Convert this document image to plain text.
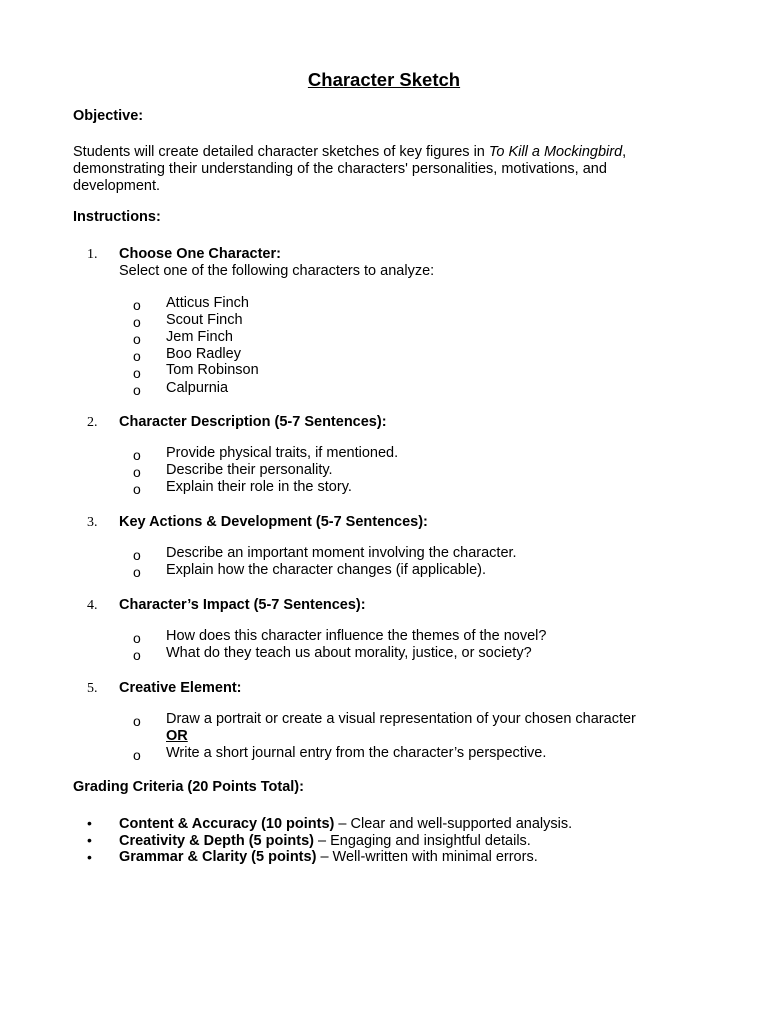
Character Sketch
Objective:
Students will create detailed character sketches of key figures in To Kill a Mockingbird,
demonstrating their understanding of the characters' personalities, motivations, and
development.
Instructions:
1. Choose One Character:
Select one of the following characters to analyze:
o Atticus Finch
o Scout Finch
o Jem Finch
o Boo Radley
o Tom Robinson
o Calpurnia
2. Character Description (5-7 Sentences):
o Provide physical traits, if mentioned.
o Describe their personality.
o Explain their role in the story.
3. Key Actions & Development (5-7 Sentences):
o Describe an important moment involving the character.
o Explain how the character changes (if applicable).
4. Character’s Impact (5-7 Sentences):
o How does this character influence the themes of the novel?
o What do they teach us about morality, justice, or society?
5. Creative Element:
o Draw a portrait or create a visual representation of your chosen character
OR
o Write a short journal entry from the character’s perspective.
Grading Criteria (20 Points Total):
• Content & Accuracy (10 points) – Clear and well-supported analysis.
• Creativity & Depth (5 points) – Engaging and insightful details.
• Grammar & Clarity (5 points) – Well-written with minimal errors.
